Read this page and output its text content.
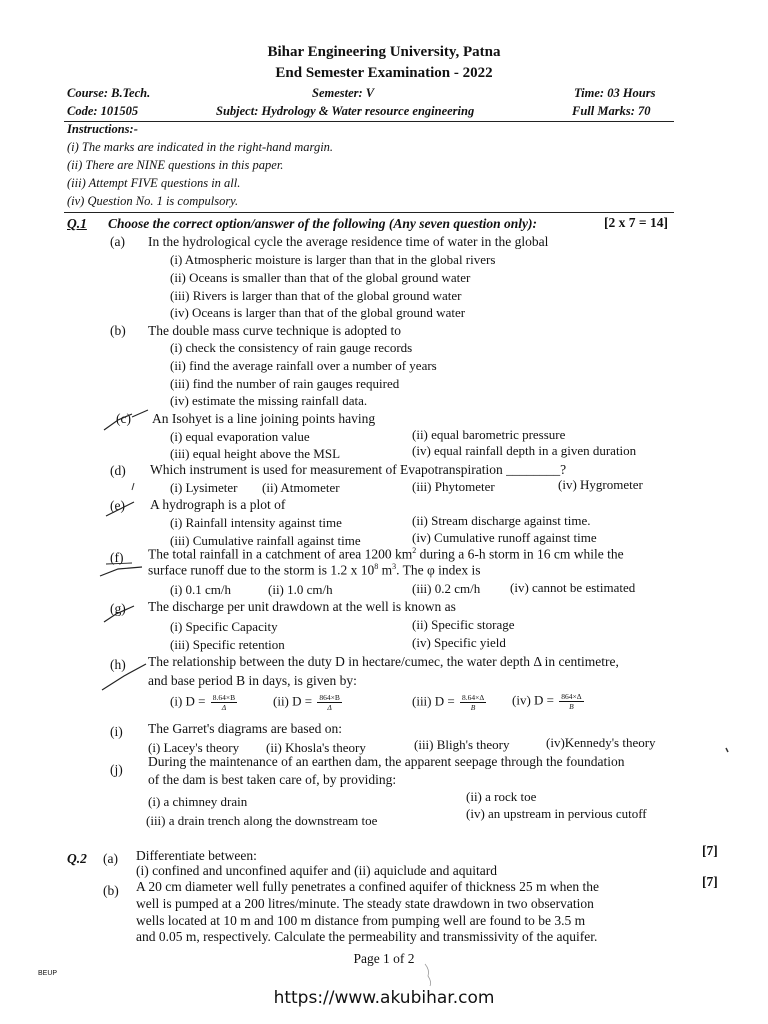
Bihar Engineering University, Patna
End Semester Examination - 2022
Course: B.Tech.	Semester: V	Time: 03 Hours
Code: 101505	Subject: Hydrology & Water resource engineering	Full Marks: 70
Instructions:-
(i) The marks are indicated in the right-hand margin.
(ii) There are NINE questions in this paper.
(iii) Attempt FIVE questions in all.
(iv) Question No. 1 is compulsory.
Q.1 Choose the correct option/answer of the following (Any seven question only):	[2 x 7 = 14]
(a) In the hydrological cycle the average residence time of water in the global
(i) Atmospheric moisture is larger than that in the global rivers
(ii) Oceans is smaller than that of the global ground water
(iii) Rivers is larger than that of the global ground water
(iv) Oceans is larger than that of the global ground water
(b) The double mass curve technique is adopted to
(i) check the consistency of rain gauge records
(ii) find the average rainfall over a number of years
(iii) find the number of rain gauges required
(iv) estimate the missing rainfall data.
(c) An Isohyet is a line joining points having
(i) equal evaporation value	(ii) equal barometric pressure
(iii) equal height above the MSL	(iv) equal rainfall depth in a given duration
(d) Which instrument is used for measurement of Evapotranspiration ________?
(i) Lysimeter (ii) Atmometer	(iii) Phytometer	(iv) Hygrometer
(e) A hydrograph is a plot of
(i) Rainfall intensity against time	(ii) Stream discharge against time.
(iii) Cumulative rainfall against time	(iv) Cumulative runoff against time
(f) The total rainfall in a catchment of area 1200 $km^2$ during a 6-h storm in 16 cm while the
surface runoff due to the storm is 1.2 x $10^8$ $m^3$. The φ index is
(i) 0.1 cm/h	(ii) 1.0 cm/h	(iii) 0.2 cm/h (iv) cannot be estimated
(g) The discharge per unit drawdown at the well is known as
(i) Specific Capacity	(ii) Specific storage
(iii) Specific retention	(iv) Specific yield
(h) The relationship between the duty D in hectare/cumec, the water depth Δ in centimetre,
and base period B in days, is given by:
(i) $D = \frac{8.64\times B}{\Delta}$	(ii) $D = \frac{864\times B}{\Delta}$	(iii) $D = \frac{8.64\times\Delta}{B} (iv) D = \frac{864\times\Delta}{B}$
(i) The Garret's diagrams are based on:
(i) Lacey's theory (ii) Khosla's theory	(iii) Bligh's theory	(iv)Kennedy's theory
(j)
During the maintenance of an earthen dam, the apparent seepage through the foundation
of the dam is best taken care of, by providing:
(i) a chimney drain	(ii) a rock toe
(iii) a drain trench along the downstream toe	(iv) an upstream in pervious cutoff
Q.2 (a) Differentiate between:
(i) confined and unconfined aquifer and (ii) aquiclude and aquitard
[7]
(b) A 20 cm diameter well fully penetrates a confined aquifer of thickness 25 m when the
well is pumped at a 200 litres/minute. The steady state drawdown in two observation
wells located at 10 m and 100 m distance from pumping well are found to be 3.5 m
and 0.05 m, respectively. Calculate the permeability and transmissivity of the aquifer.
[7]
Page 1 of 2
BEUP
https://www.akubihar.com
